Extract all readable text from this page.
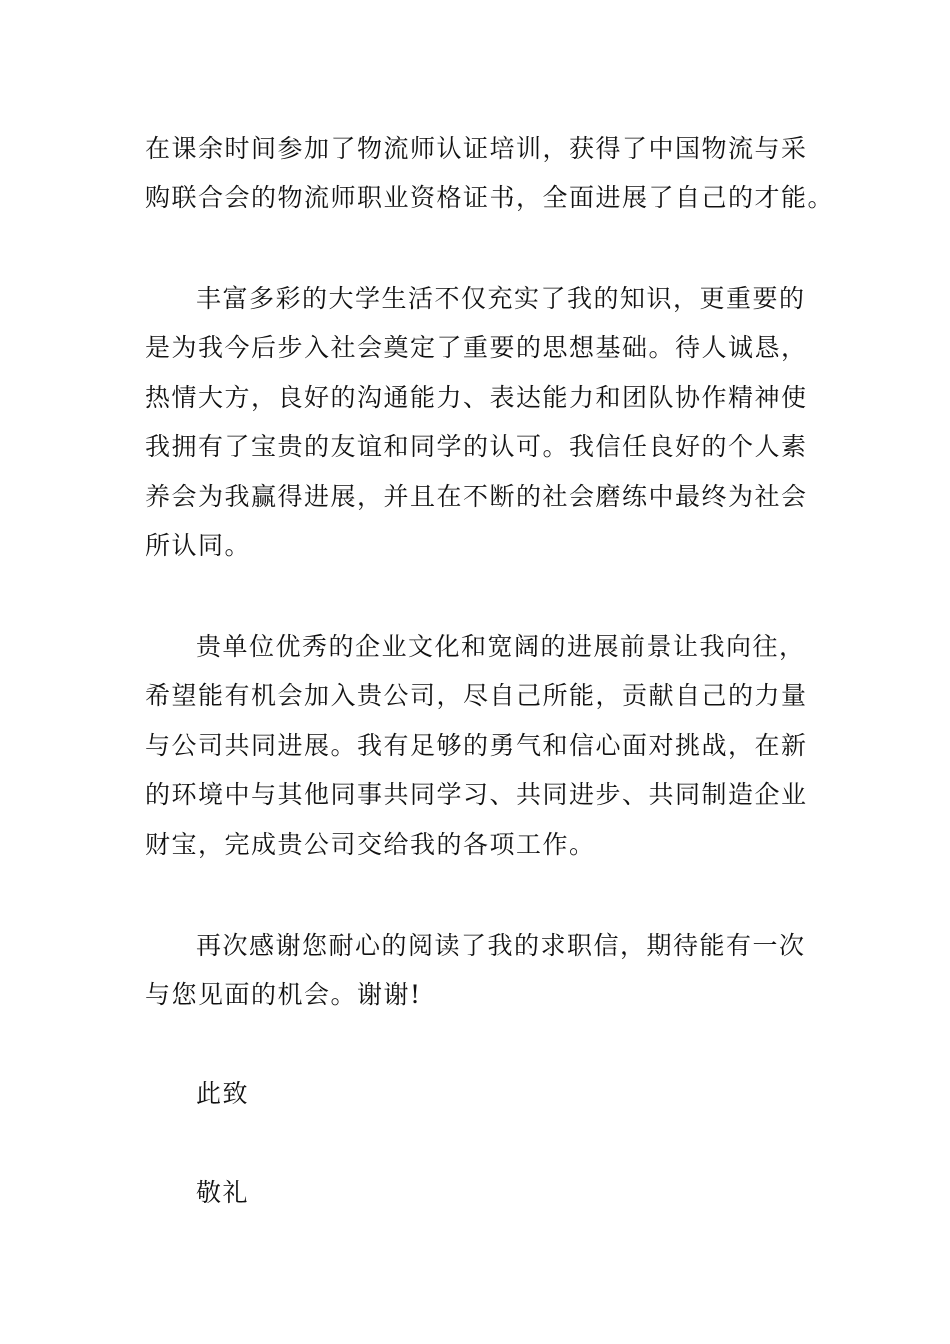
在课余时间参加了物流师认证培训，获得了中国物流与采
购联合会的物流师职业资格证书，全面进展了自己的才能。
丰富多彩的大学生活不仅充实了我的知识，更重要的
是为我今后步入社会奠定了重要的思想基础。待人诚恳，
热情大方，良好的沟通能力、表达能力和团队协作精神使
我拥有了宝贵的友谊和同学的认可。我信任良好的个人素
养会为我赢得进展，并且在不断的社会磨练中最终为社会
所认同。
贵单位优秀的企业文化和宽阔的进展前景让我向往，
希望能有机会加入贵公司，尽自己所能，贡献自己的力量
与公司共同进展。我有足够的勇气和信心面对挑战，在新
的环境中与其他同事共同学习、共同进步、共同制造企业
财宝，完成贵公司交给我的各项工作。
再次感谢您耐心的阅读了我的求职信，期待能有一次
与您见面的机会。谢谢!
此致
敬礼
